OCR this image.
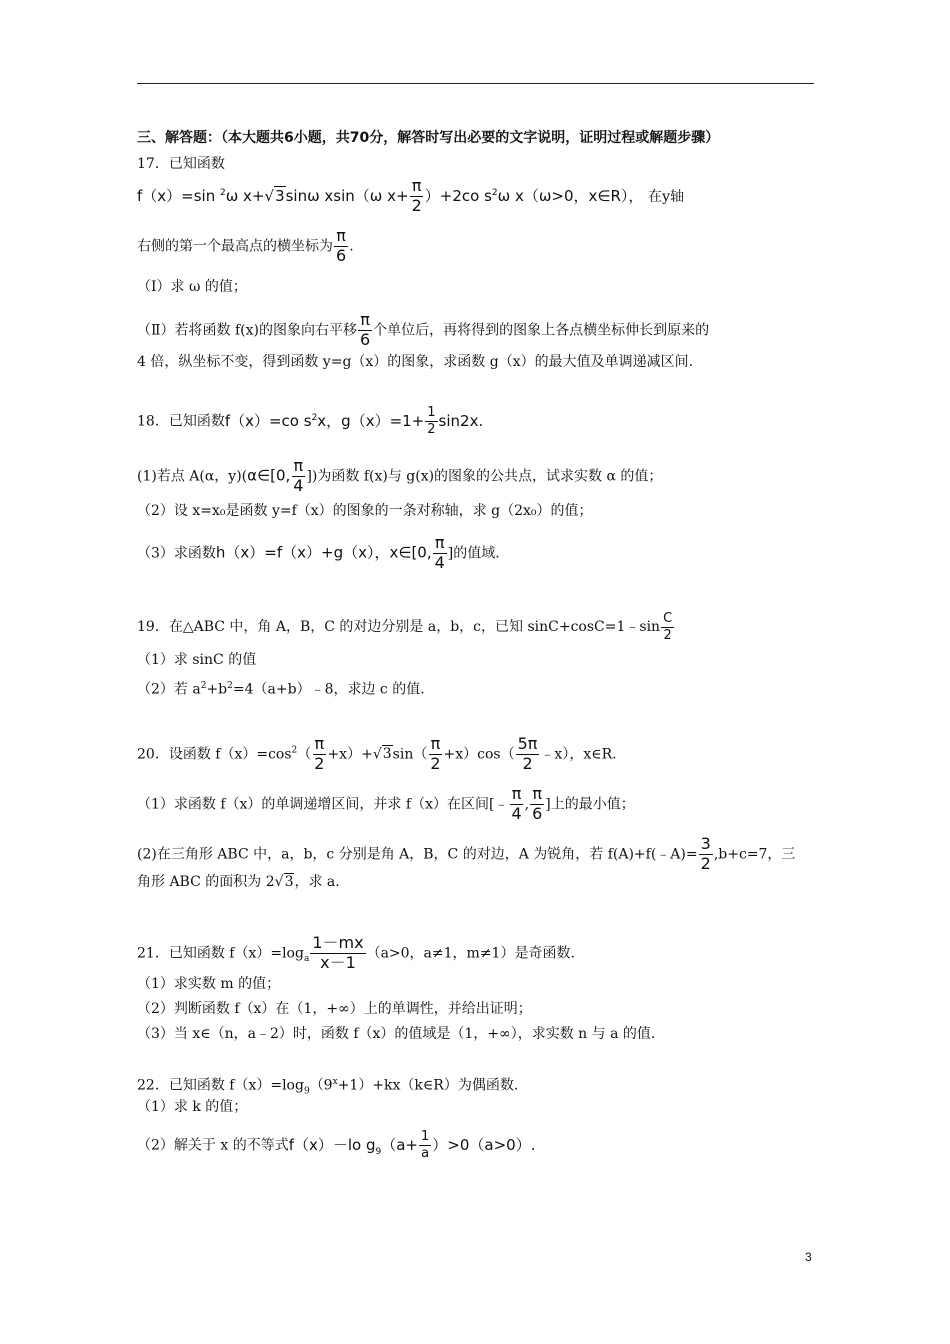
三、解答题：（本大题共6小题，共70分，解答时写出必要的文字说明，证明过程或解题步骤）
17．已知函数
f（x）=sin $^2$ω x+√3sinω xsin（ω $x+ \frac{\pi}{2} )+2co$ $s^2\omega$ x（ω>0，x∈R）， 在y轴
右侧的第一个最高点的横坐标为 $\frac{\pi}{6}$ .
（Ⅰ）求 ω 的值；
（Ⅱ）若将函数 f(x)的图象向右平移 $\frac{\pi}{6}$ 个单位后，再将得到的图象上各点横坐标伸长到原来的
4 倍，纵坐标不变，得到函数 y=g（x）的图象，求函数 g（x）的最大值及单调递减区间.
18．已知函数f（x）=co $s^2x$，$g(x)=1+ \frac{1}{2} \sin 2x$.
(1)若点 A(α，y)(α∈[0, $\frac{\pi}{4}$ ])为函数 f(x)与 g(x)的图象的公共点，试求实数 α 的值；
（2）设 x=x₀是函数 y=f（x）的图象的一条对称轴，求 g（2x₀）的值；
（3）求函数h（x）=f（x）+g（x），x∈[0, $\frac{\pi}{4}$ ]的值域.
19．在△ABC 中，角 A，B，C 的对边分别是 a，b，c，已知 sinC+cosC=1﹣sin $\frac{C}{2}$
（1）求 sinC 的值
（2）若 $a^2+b^2=4(a+b)﹣8$，求边 c 的值.
20．设函数 $f(x)=\cos^2( \frac{\pi}{2} +x)+√3\sin( \frac{\pi}{2} +x)\cos( \frac{5\pi}{2}$ ﹣x），x∈R.
（1）求函数 f（x）的单调递增区间，并求 f（x）在区间[﹣ $\frac{\pi}{4}$ , $\frac{\pi}{6}$ ]上的最小值；
(2)在三角形 ABC 中，a，b，c 分别是角 A，B，C 的对边，A 为锐角，若 f(A)+f(﹣A)= $\frac{3}{2} ,b+c=7$，三
角形 ABC 的面积为 2√3，求 a.
21．已知函数 $f(x)=\log_a \frac{1-mx}{x-1} (a>0$，a≠1，m≠1）是奇函数.
（1）求实数 m 的值；
（2）判断函数 f（x）在（1，+∞）上的单调性，并给出证明；
（3）当 x∈（n，a﹣2）时，函数 f（x）的值域是（1，+∞），求实数 n 与 a 的值.
22．已知函数 $f(x)=\log_9(9^x+1)+kx(k\in R)$为偶函数.
（1）求 k 的值；
（2）解关于 x 的不等式f（x）－lo $g_9(a+ \frac{1}{a} )>0(a>0)$.
3
